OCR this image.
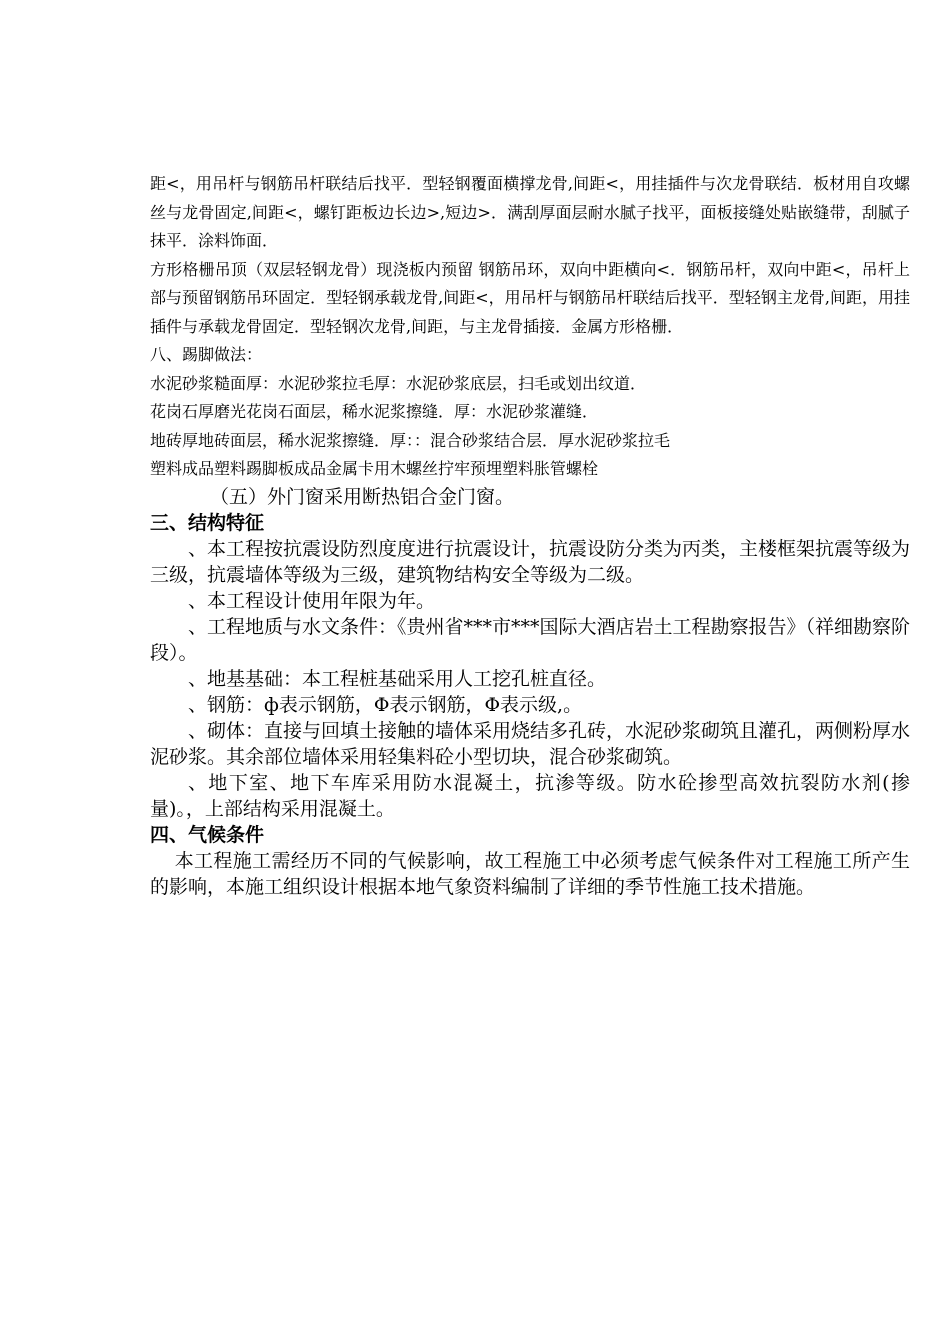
距<，用吊杆与钢筋吊杆联结后找平．型轻钢覆面横撑龙骨,间距<，用挂插件与次龙骨联结．板材用自攻螺丝与龙骨固定,间距<，螺钉距板边长边>,短边>．满刮厚面层耐水腻子找平，面板接缝处贴嵌缝带，刮腻子抹平．涂料饰面．

方形格栅吊顶（双层轻钢龙骨）现浇板内预留 钢筋吊环，双向中距横向<．钢筋吊杆，双向中距<，吊杆上部与预留钢筋吊环固定．型轻钢承载龙骨,间距<，用吊杆与钢筋吊杆联结后找平．型轻钢主龙骨,间距，用挂插件与承载龙骨固定．型轻钢次龙骨,间距，与主龙骨插接．金属方形格栅．

八、踢脚做法：

水泥砂浆糙面厚：水泥砂浆拉毛厚：水泥砂浆底层，扫毛或划出纹道．

花岗石厚磨光花岗石面层，稀水泥浆擦缝．厚：水泥砂浆灌缝．

地砖厚地砖面层，稀水泥浆擦缝．厚：：混合砂浆结合层．厚水泥砂浆拉毛

塑料成品塑料踢脚板成品金属卡用木螺丝拧牢预埋塑料胀管螺栓

（五）外门窗采用断热铝合金门窗。

三、结构特征

、本工程按抗震设防烈度度进行抗震设计，抗震设防分类为丙类，主楼框架抗震等级为三级，抗震墙体等级为三级，建筑物结构安全等级为二级。

、本工程设计使用年限为年。

、工程地质与水文条件：《贵州省***市***国际大酒店岩土工程勘察报告》（祥细勘察阶段）。

、地基基础：本工程桩基础采用人工挖孔桩直径。

、钢筋：ф表示钢筋，Φ表示钢筋，Φ表示级,。

、砌体：直接与回填土接触的墙体采用烧结多孔砖，水泥砂浆砌筑且灌孔，两侧粉厚水泥砂浆。其余部位墙体采用轻集料砼小型切块，混合砂浆砌筑。

、地下室、地下车库采用防水混凝土，抗渗等级。防水砼掺型高效抗裂防水剂(掺量)。，上部结构采用混凝土。

四、气候条件

本工程施工需经历不同的气候影响，故工程施工中必须考虑气候条件对工程施工所产生的影响，本施工组织设计根据本地气象资料编制了详细的季节性施工技术措施。
